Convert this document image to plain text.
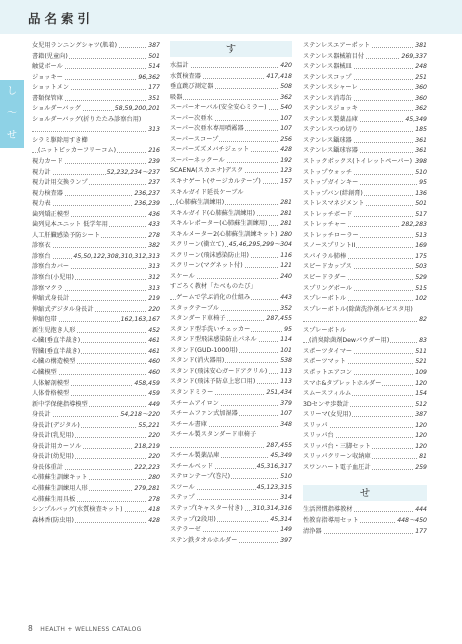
品名索引
し
〜
せ
女児用ランニングシャツ(肌着)	387
書籍(児童向)	501
触覚ボール	514
ジョッキー	96,362
ショットメン	177
書類保管庫	351
ショルダーバッグ	58,59,200,201
ショルダーバッグ(折りたたみ診察台用)
313
シラミ駆除用すき櫛
(ニットピッカーフリーコム)	216
視力カード	239
視力計	52,232,234〜237
視力計用交換ランプ	237
視力検査器	236,237
視力表	236,239
歯列矯正模型	436
歯列見本ユニット 低学年用	433
人工肝臓感染予防シート	278
診察衣	382
診察台	45,50,122,308,310,312,313
診察台カバー	313
診察台(小児用)	312
診察マクラ	313
伸縮式身長計	219
伸縮式デジタル身長計	220
伸縮包帯	162,163,167
新生児抱き人形	452
心臓(垂直半裁き)	461
腎臓(垂直半裁き)	461
心臓の構造模型	460
心臓模型	460
人体解剖模型	458,459
人体骨格模型	459
新中学保健指導模型	449
身長計	54,218〜220
身長計(デジタル)	55,221
身長計(乳児用)	220
身長計用カーソル	218,219
身長計(幼児用)	220
身長体重計	222,223
心肺蘇生訓練キット	280
心肺蘇生訓練用人形	279,281
心肺蘇生用具板	278
シンプルバッグ(水質検査キット)	418
森林香(防虫用)	428
す
水温計	420
水質検査器	417,418
垂直跳び測定器	508
吸器	362
スーパーオーバル(安全安心ミラー) 540
スーパー次亜水	107
スーパー次亜水専用噴霧器	107
スーパースコープ	256
スーパーズズメバチジェット	428
スーパーネックール	192
SCAENA(スカエナ)デスク	123
スキナゲート(サージカルテープ)	157
スキルガイド延長ケーブル
(心肺蘇生訓練用)	281
スキルガイド(心肺蘇生訓練用)	281
スキルレポーター(心肺蘇生訓練用) 281
スキルメーター2(心肺蘇生訓練キット) 280
スクリーン(衝立て) 45,46,295,299〜304
スクリーン(飛沫感染防止用)	116
スクリーン(マグネット付)	121
スケール	240
すごろく教材「たべものたび」
ゲームで学ぶ消化の仕組み	443
スタックテーブル	352
スタンダード車椅子	287,455
スタンド型手洗いチェッカー	95
スタンド型飛沫感染防止パネル	114
スタンド(GUD-1000用)	101
スタンド(消火器用)	538
スタンド(飛沫安心ガードアクリル) 113
スタンド(飛沫予防卓上窓口用)	113
スタンドミラー	251,434
スチームアイロン	379
スチームファン式加湿器	107
スチール書庫	348
スチール製スタンダード車椅子
287,455
スチール製薬品庫	45,349
スチールベッド	45,316,317
ステロンテープ(巻尺)	510
スツール	45,123,315
ステップ	314
ステップ(キャスター付き) 310,314,316
ステップ(2段用)	45,314
ステラーゼ	149
ステン鉄タオルホルダー	397
ステンレスエアーポット	381
ステンレス器械箱目付	269,337
ステンレス器械皿	248
ステンレスコップ	251
ステンレスシャーレ	360
ステンレス消毒缶	360
ステンレスジョッキ	362
ステンレス製薬品庫	45,349
ステンレスつめ切り	185
ステンレス鑷球器	361
ステンレス鑷球容器	361
ストックボックス(トイレットペーパー) 398
ストップウォッチ	510
ストップガインキー	95
ストップバン(絆創膏)	136
ストレスマネジメント	501
ストレッチボード	517
ストレッチャー	282,283
ストレッチローラー	513
スノースプリントII	169
スパイラル肺棒	175
スピードカップス	503
スピードラダー	529
スプリングボール	515
スプレーボトル	102
スプレーボトル(除菌洗浄剤ルビスタ用)
82
スプレーボトル
(消臭除菌剤Dewパウダー用)	83
スポーツタイマー	511
スポーツマット	521
スポットエアコン	109
スマホ&タブレットホルダー	120
スムースフィルム	154
3Dセンサ歩数計	512
スリーマ(女児用)	387
スリッパ	120
スリッパ台	120
スリッパ台・三脚セット	120
スリッパクリーン収納庫	81
スワンハート電子血圧計	259
せ
生活習慣指導教材	444
性教育指導用セット	448〜450
清浄器	177
8 HEALTH + WELLNESS CATALOG
